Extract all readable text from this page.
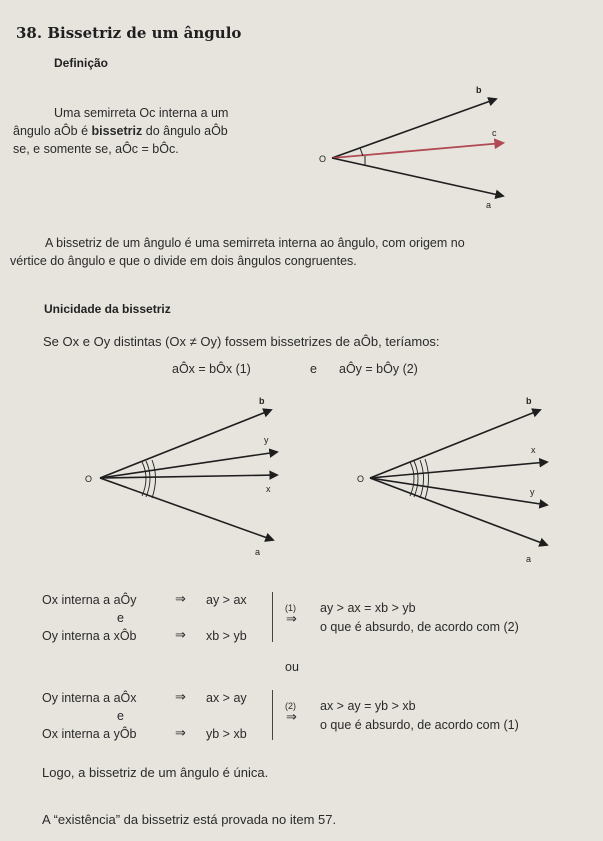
38. Bissetriz de um ângulo
Definição
Uma semirreta Oc interna a um
ângulo aÔb é bissetriz do ângulo aÔb
se, e somente se, aÔc = bÔc.
O
b
c
a
A bissetriz de um ângulo é uma semirreta interna ao ângulo, com origem no
vértice do ângulo e que o divide em dois ângulos congruentes.
Unicidade da bissetriz
Se Ox e Oy distintas (Ox ≠ Oy) fossem bissetrizes de aÔb, teríamos:
aÔx = bÔx (1)	e aÔy = bÔy (2)
O
b
y
x
a
O
b
x
y
a
Ox interna a aÔy	⇒ ay > ax
e
Oy interna a xÔb	⇒ xb > yb
(1)
⇒
ay > ax = xb > yb
o que é absurdo, de acordo com (2)
ou
Oy interna a aÔx	⇒ ax > ay
e
Ox interna a yÔb	⇒ yb > xb
(2)
⇒
ax > ay = yb > xb
o que é absurdo, de acordo com (1)
Logo, a bissetriz de um ângulo é única.
A “existência” da bissetriz está provada no item 57.
